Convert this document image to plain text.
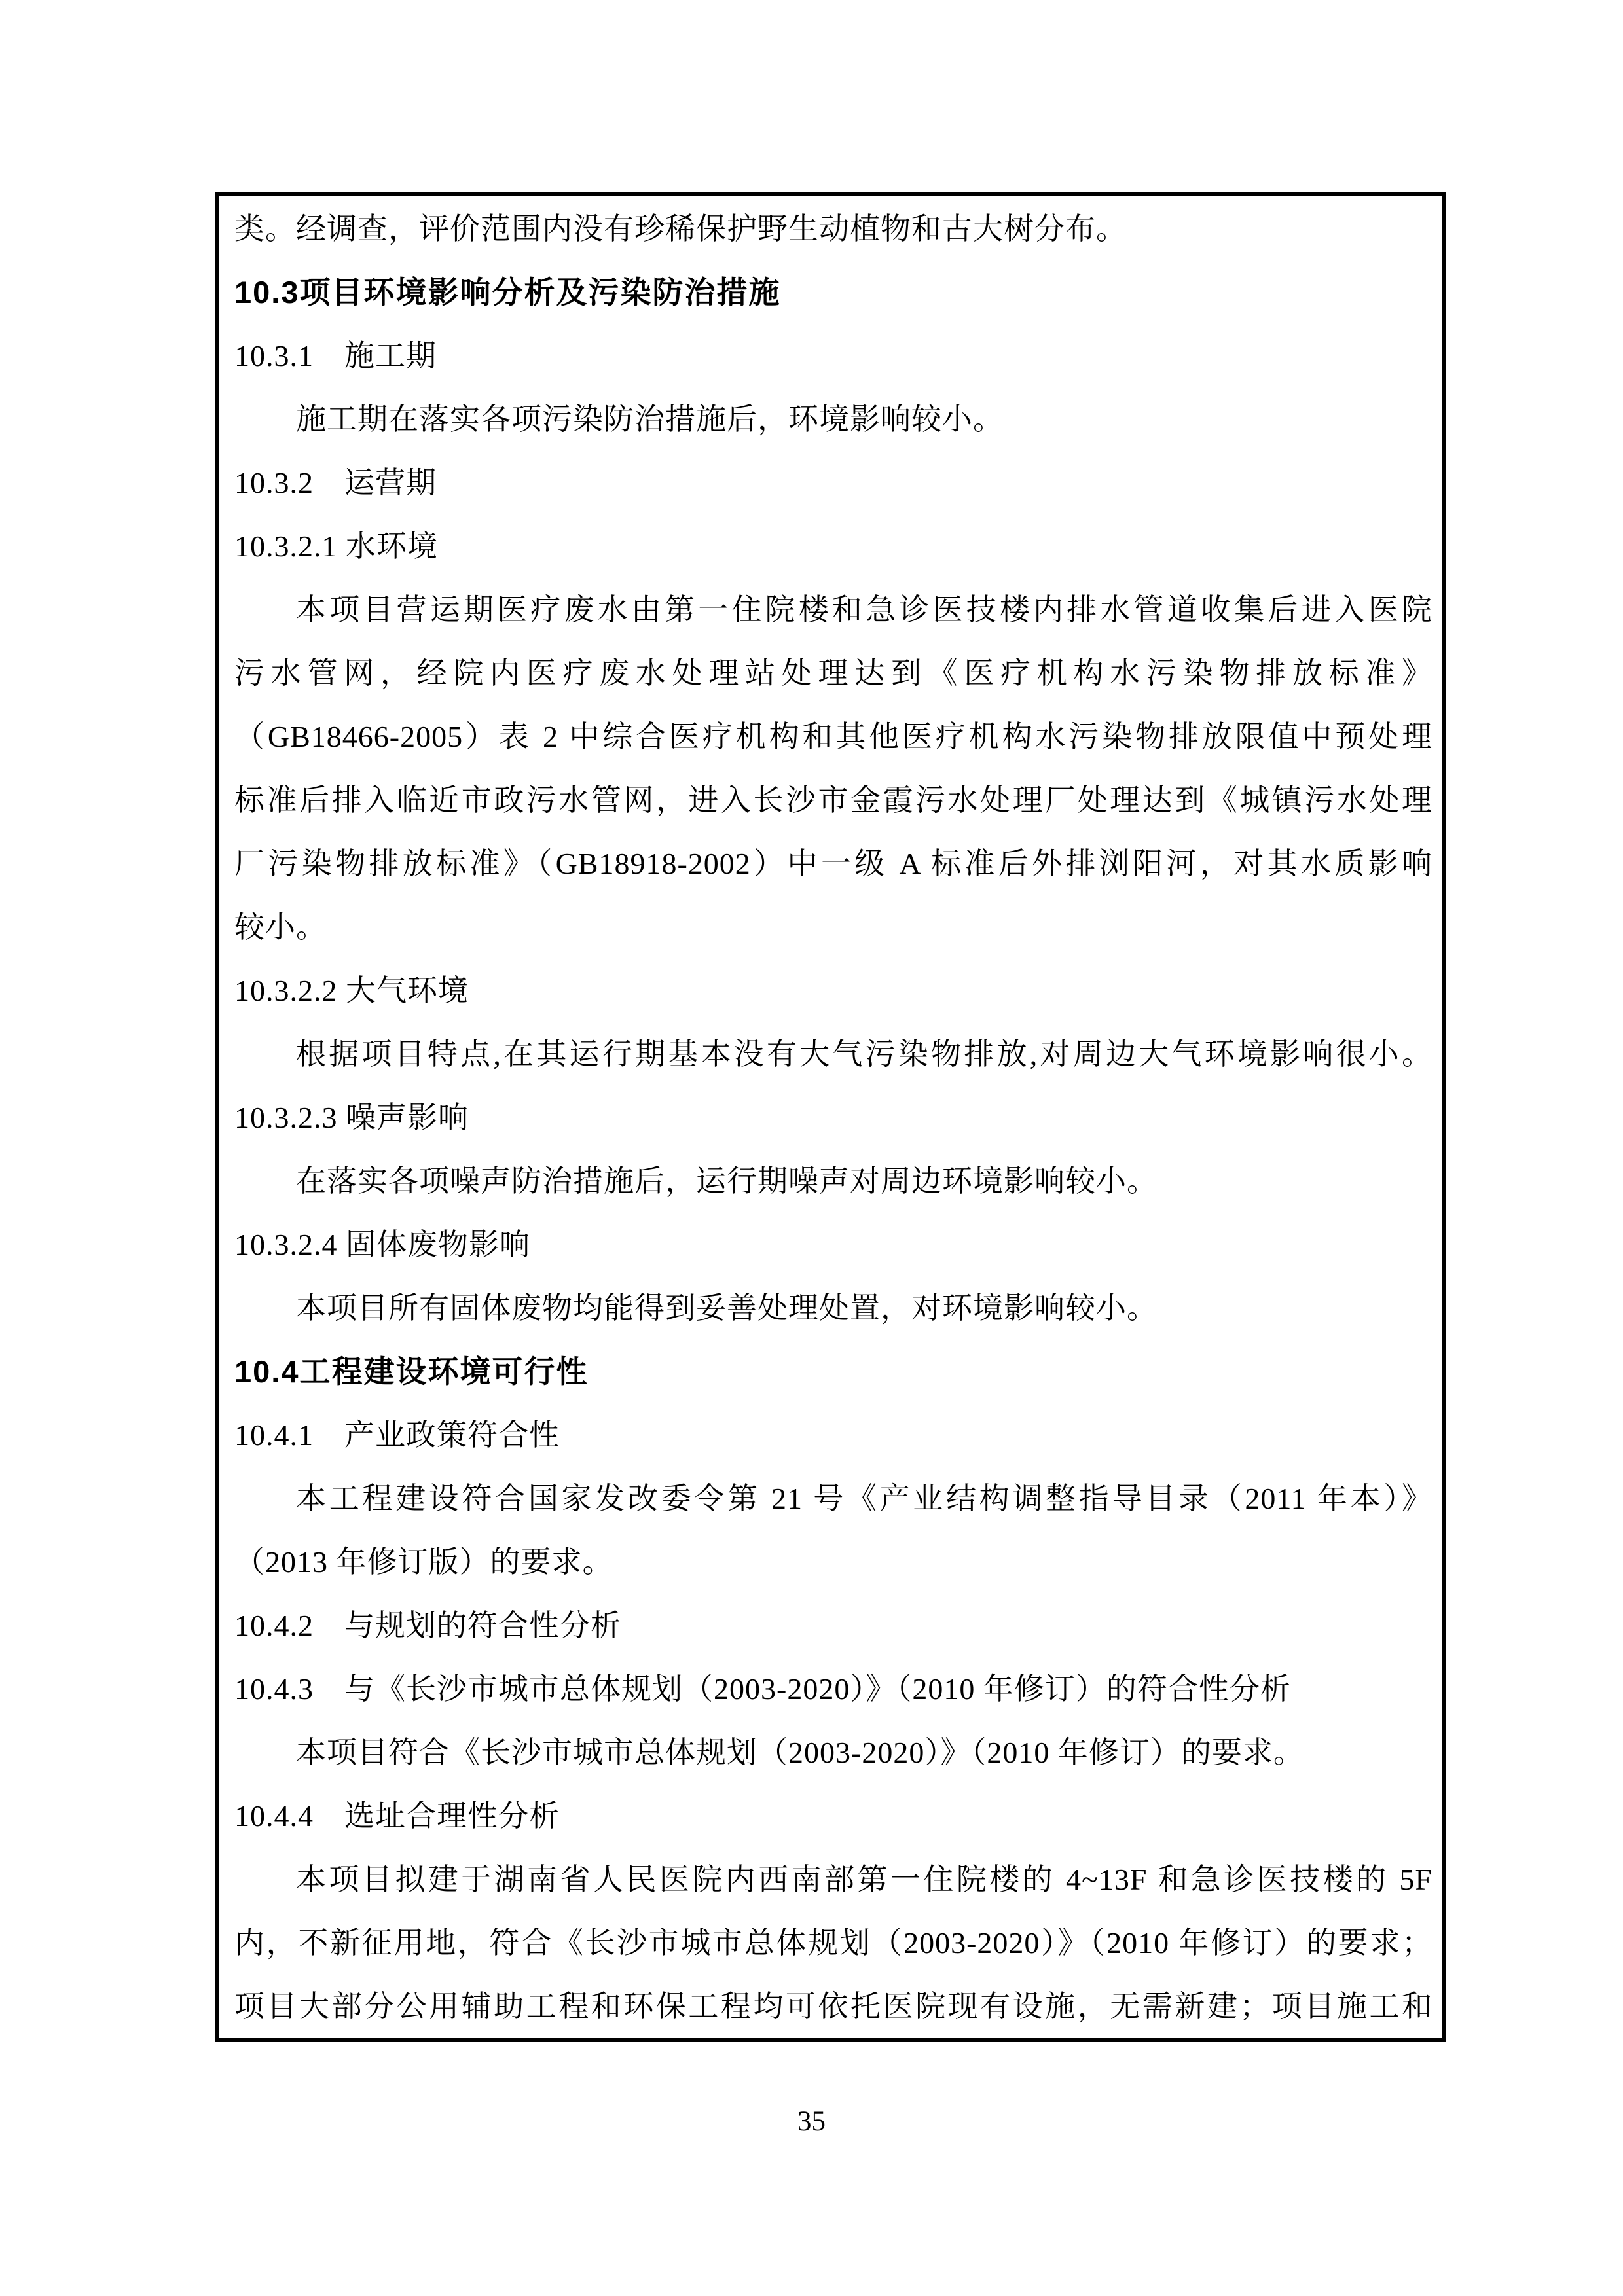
类。经调查，评价范围内没有珍稀保护野生动植物和古大树分布。
10.3项目环境影响分析及污染防治措施
10.3.1　施工期
施工期在落实各项污染防治措施后，环境影响较小。
10.3.2　运营期
10.3.2.1 水环境
本项目营运期医疗废水由第一住院楼和急诊医技楼内排水管道收集后进入医院
污水管网，经院内医疗废水处理站处理达到《医疗机构水污染物排放标准》
（GB18466-2005）表 2 中综合医疗机构和其他医疗机构水污染物排放限值中预处理
标准后排入临近市政污水管网，进入长沙市金霞污水处理厂处理达到《城镇污水处理
厂污染物排放标准》（GB18918-2002）中一级 A 标准后外排浏阳河，对其水质影响
较小。
10.3.2.2 大气环境
根据项目特点,在其运行期基本没有大气污染物排放,对周边大气环境影响很小。
10.3.2.3 噪声影响
在落实各项噪声防治措施后，运行期噪声对周边环境影响较小。
10.3.2.4 固体废物影响
本项目所有固体废物均能得到妥善处理处置，对环境影响较小。
10.4工程建设环境可行性
10.4.1　产业政策符合性
本工程建设符合国家发改委令第 21 号《产业结构调整指导目录（2011 年本）》
（2013 年修订版）的要求。
10.4.2　与规划的符合性分析
10.4.3　与《长沙市城市总体规划（2003-2020）》（2010 年修订）的符合性分析
本项目符合《长沙市城市总体规划（2003-2020）》（2010 年修订）的要求。
10.4.4　选址合理性分析
本项目拟建于湖南省人民医院内西南部第一住院楼的 4~13F 和急诊医技楼的 5F
内，不新征用地，符合《长沙市城市总体规划（2003-2020）》（2010 年修订）的要求；
项目大部分公用辅助工程和环保工程均可依托医院现有设施，无需新建；项目施工和
35
